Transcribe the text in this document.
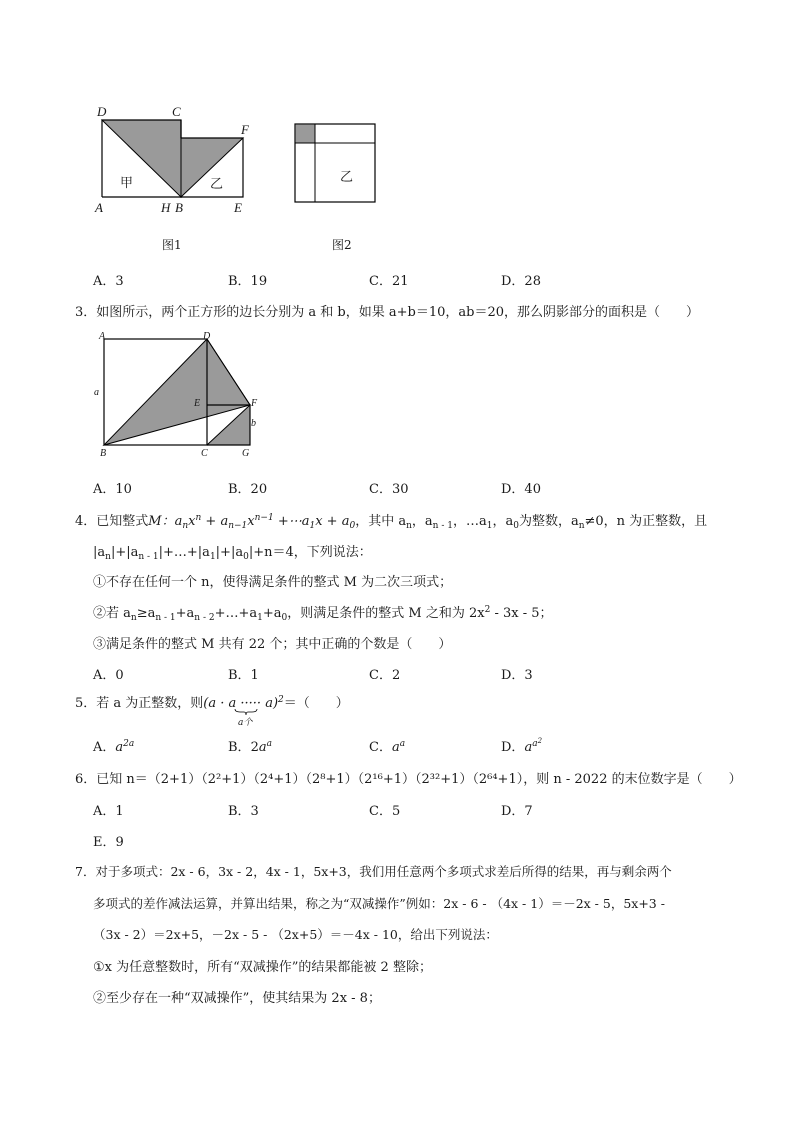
D	C
F
A	H B	E
甲	乙
图1
乙
图2
A．3	B．19	C．21	D．28
3．如图所示，两个正方形的边长分别为 a 和 b，如果 a+b＝10，ab＝20，那么阴影部分的面积是（　　）
A	D
a
E	F
b
B	C	G
A．10	B．20	C．30	D．40
4．已知整式M：$a_nx^n + a_{n-1}x^{n-1}$ $+\cdots a_1x + a_0$，其中 $a_n$，$a_{n - 1}$，$\dots a_1$，$a_0$为整数，$a_n\ne 0$，n 为正整数，且
$|a_n|+|a_{n - 1}|+\dots+|a_1|+|a_0|+n=4$，下列说法：
①不存在任何一个 n，使得满足条件的整式 M 为二次三项式；
②若 $a_n\ge a_{n - 1}+a_{n - 2}+\dots+a_1+a_0$，则满足条件的整式 M 之和为 $2x^2 - 3x - 5$；
③满足条件的整式 M 共有 22 个；其中正确的个数是（　　）
A．0	B．1	C．2	D．3
5．若 a 为正整数，则(a · a ····· a)$^2$＝（　　）
a个
A．$a^{2a}$	B．$2a^a$	C．$a^a$	D．$a^{a^2}$
6．已知 n＝（2+1）（2²+1）（2⁴+1）（2⁸+1）（2¹⁶+1）（2³²+1）（2⁶⁴+1），则 n - 2022 的末位数字是（　　）
A．1	B．3	C．5	D．7
E．9
7．对于多项式：2x - 6，3x - 2，4x - 1，5x+3，我们用任意两个多项式求差后所得的结果，再与剩余两个
多项式的差作减法运算，并算出结果，称之为“双减操作”例如：2x - 6 - （4x - 1）＝－2x - 5，5x+3 -
（3x - 2）＝2x+5，－2x - 5 - （2x+5）＝－4x - 10，给出下列说法：
①x 为任意整数时，所有“双减操作”的结果都能被 2 整除；
②至少存在一种“双减操作”，使其结果为 2x - 8；
